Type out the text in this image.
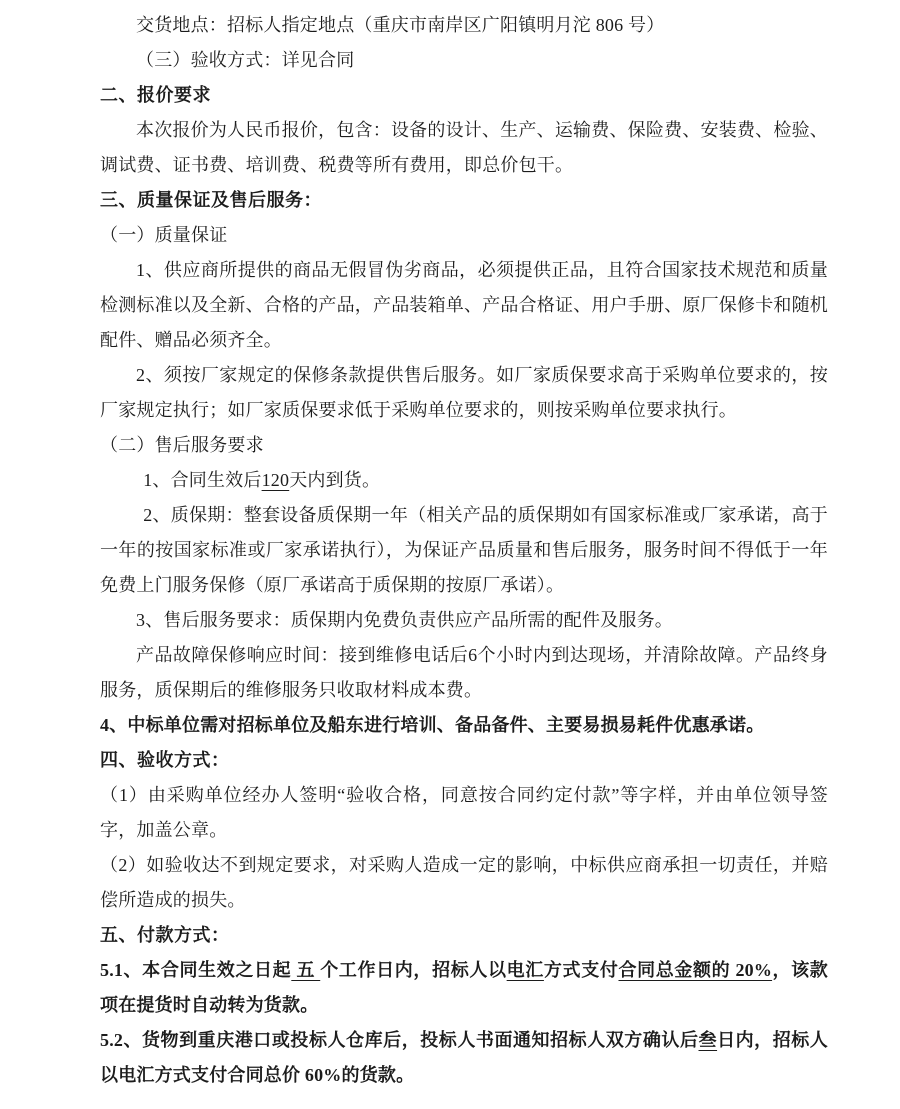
交货地点：招标人指定地点（重庆市南岸区广阳镇明月沱 806 号）
（三）验收方式：详见合同
二、报价要求
本次报价为人民币报价，包含：设备的设计、生产、运输费、保险费、安装费、检验、
调试费、证书费、培训费、税费等所有费用，即总价包干。
三、质量保证及售后服务：
（一）质量保证
1、供应商所提供的商品无假冒伪劣商品，必须提供正品，且符合国家技术规范和质量
检测标准以及全新、合格的产品，产品装箱单、产品合格证、用户手册、原厂保修卡和随机
配件、赠品必须齐全。
2、须按厂家规定的保修条款提供售后服务。如厂家质保要求高于采购单位要求的，按
厂家规定执行；如厂家质保要求低于采购单位要求的，则按采购单位要求执行。
（二）售后服务要求
1、合同生效后120天内到货。
2、质保期：整套设备质保期一年（相关产品的质保期如有国家标准或厂家承诺，高于
一年的按国家标准或厂家承诺执行），为保证产品质量和售后服务，服务时间不得低于一年
免费上门服务保修（原厂承诺高于质保期的按原厂承诺）。
3、售后服务要求：质保期内免费负责供应产品所需的配件及服务。
产品故障保修响应时间：接到维修电话后6个小时内到达现场，并清除故障。产品终身
服务，质保期后的维修服务只收取材料成本费。
4、中标单位需对招标单位及船东进行培训、备品备件、主要易损易耗件优惠承诺。
四、验收方式：
（1）由采购单位经办人签明“验收合格，同意按合同约定付款”等字样，并由单位领导签
字，加盖公章。
（2）如验收达不到规定要求，对采购人造成一定的影响，中标供应商承担一切责任，并赔
偿所造成的损失。
五、付款方式：
5.1、本合同生效之日起 五 个工作日内，招标人以电汇方式支付合同总金额的 20%，该款
项在提货时自动转为货款。
5.2、货物到重庆港口或投标人仓库后，投标人书面通知招标人双方确认后叁日内，招标人
以电汇方式支付合同总价 60%的货款。
